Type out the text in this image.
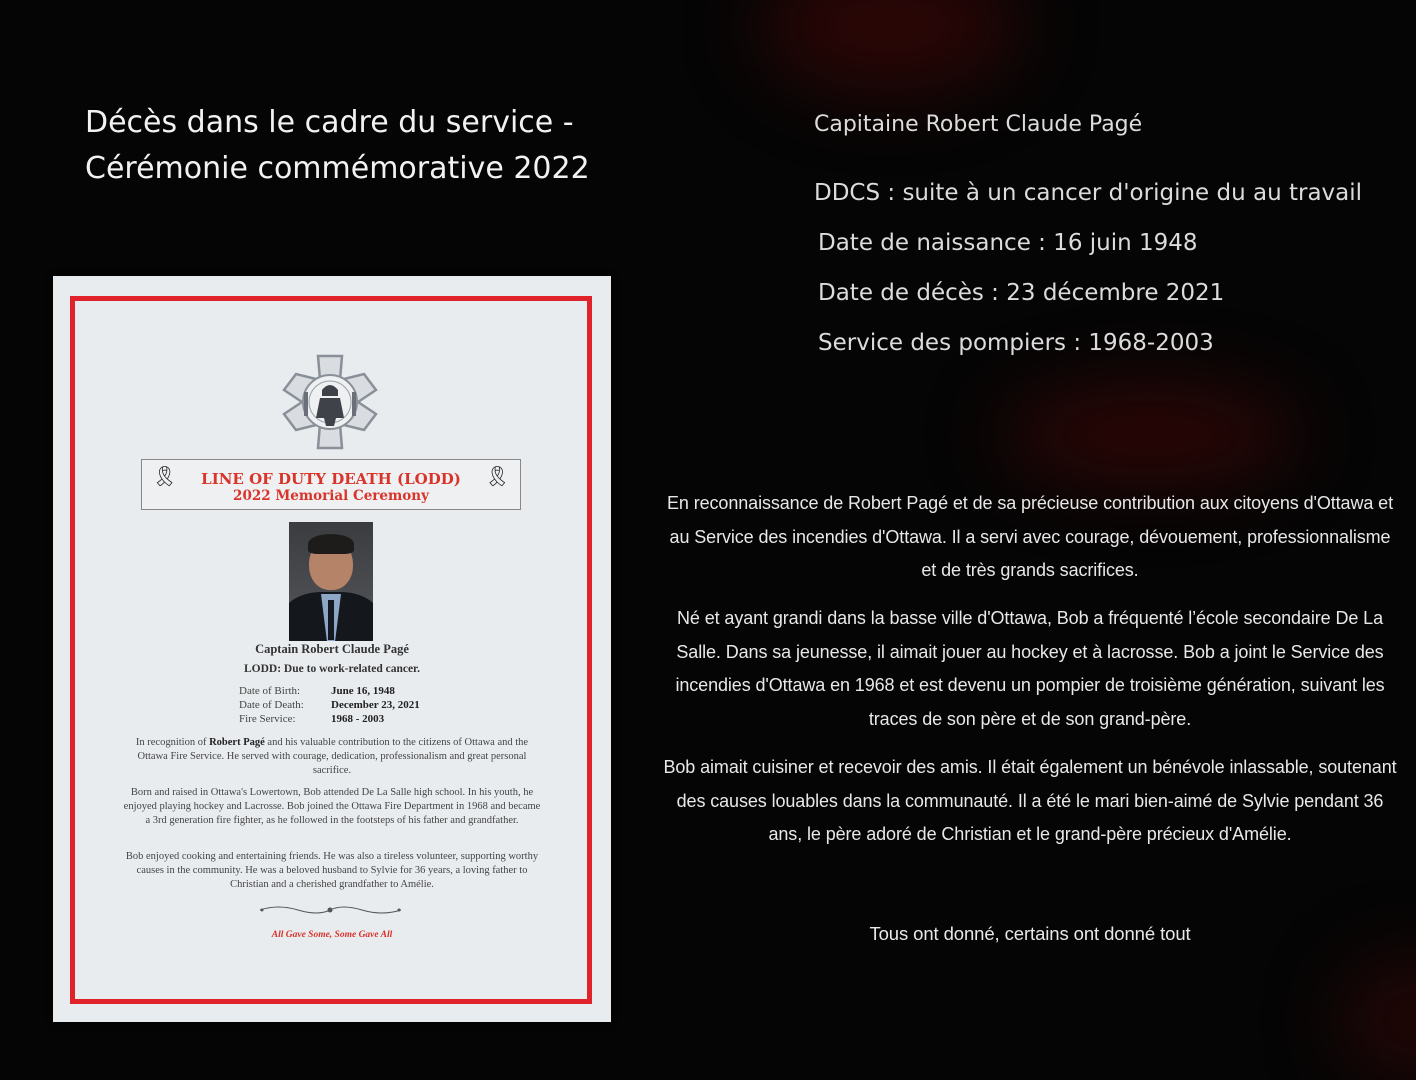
Décès dans le cadre du service - Cérémonie commémorative 2022

Capitaine Robert Claude Pagé

DDCS : suite à un cancer d'origine du au travail

Date de naissance : 16 juin 1948

Date de décès : 23 décembre 2021

Service des pompiers : 1968-2003

En reconnaissance de Robert Pagé et de sa précieuse contribution aux citoyens d'Ottawa et au Service des incendies d'Ottawa. Il a servi avec courage, dévouement, professionnalisme et de très grands sacrifices.

Né et ayant grandi dans la basse ville d'Ottawa, Bob a fréquenté l’école secondaire De La Salle. Dans sa jeunesse, il aimait jouer au hockey et à lacrosse. Bob a joint le Service des incendies d'Ottawa en 1968 et est devenu un pompier de troisième génération, suivant les traces de son père et de son grand-père.

Bob aimait cuisiner et recevoir des amis. Il était également un bénévole inlassable, soutenant des causes louables dans la communauté. Il a été le mari bien-aimé de Sylvie pendant 36 ans, le père adoré de Christian et le grand-père précieux d'Amélie.

Tous ont donné, certains ont donné tout

🎗	🎗
LINE OF DUTY DEATH (LODD)
2022 Memorial Ceremony

Captain Robert Claude Pagé

LODD: Due to work-related cancer.

Date of Birth:	June 16, 1948
Date of Death: December 23, 2021
Fire Service:	1968 - 2003

In recognition of Robert Pagé and his valuable contribution to the citizens of Ottawa and the Ottawa Fire Service. He served with courage, dedication, professionalism and great personal sacrifice.

Born and raised in Ottawa's Lowertown, Bob attended De La Salle high school. In his youth, he enjoyed playing hockey and Lacrosse. Bob joined the Ottawa Fire Department in 1968 and became a 3rd generation fire fighter, as he followed in the footsteps of his father and grandfather.

Bob enjoyed cooking and entertaining friends. He was also a tireless volunteer, supporting worthy causes in the community. He was a beloved husband to Sylvie for 36 years, a loving father to Christian and a cherished grandfather to Amélie.

All Gave Some, Some Gave All
